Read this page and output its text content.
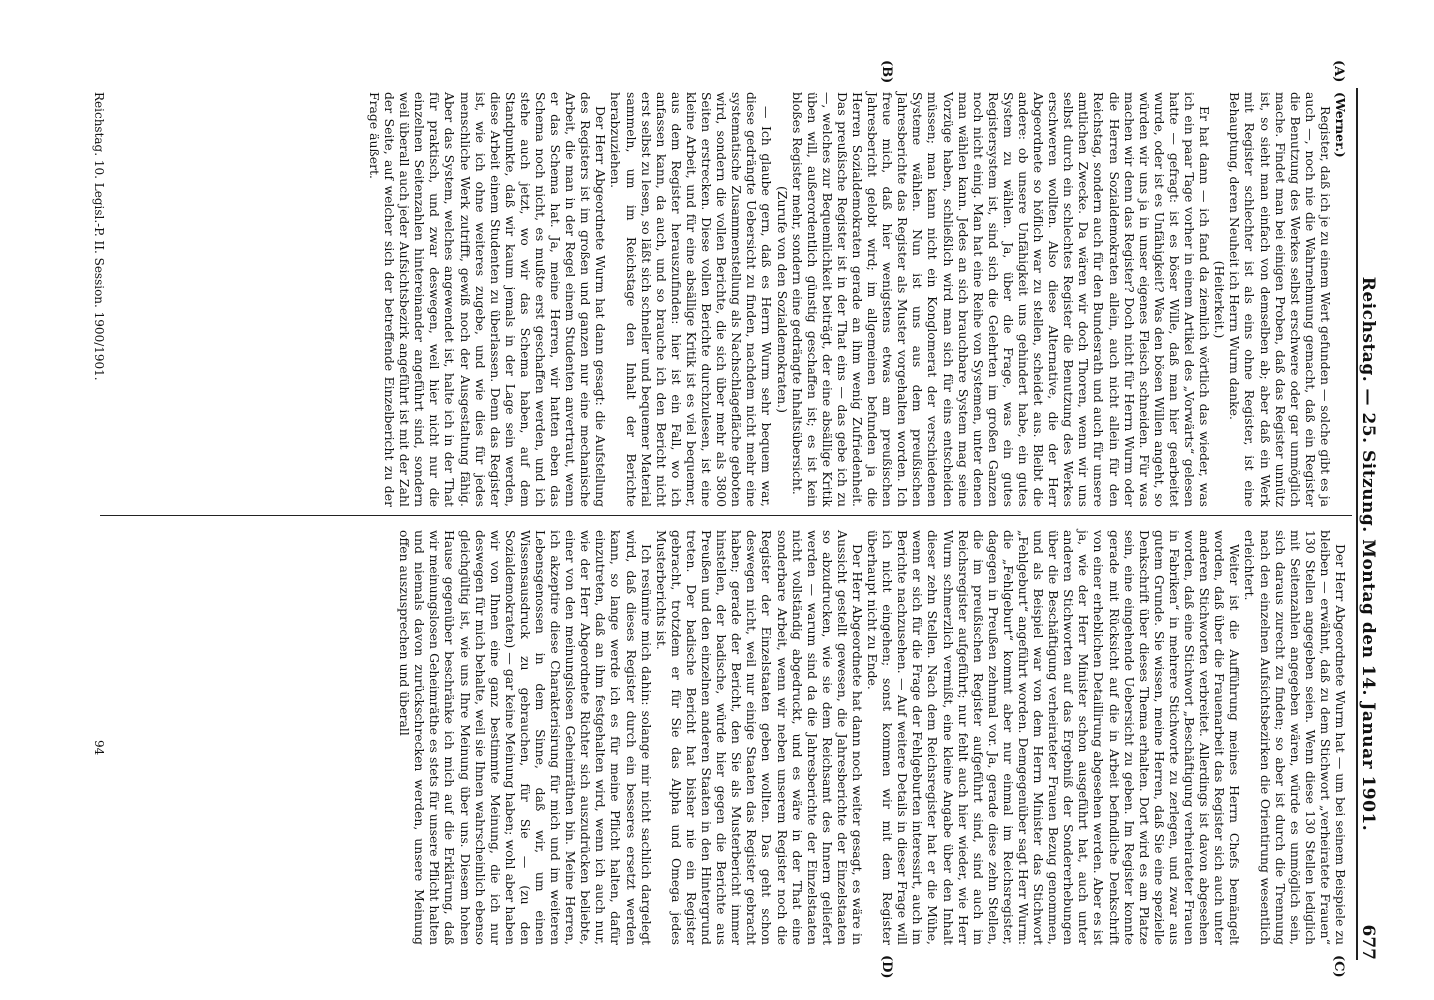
Reichstag. — 25. Sitzung. Montag den 14. Januar 1901.
677
(A)
(B)
(C)
(D)

(Werner.)

Register, daß ich je zu einem Wert gefunden — solche gibt es ja auch —, noch nie die Wahrnehmung gemacht, daß ein Register die Benutzung des Werkes selbst erschwere oder gar unmöglich mache. Findet man bei einigen Proben, daß das Register unnütz ist, so sieht man einfach von demselben ab; aber daß ein Werk mit Register schlechter ist als eins ohne Register, ist eine Behauptung, deren Neuheit ich Herrn Wurm danke.

(Heiterkeit.)

Er hat dann — ich fand da ziemlich wörtlich das wieder, was ich ein paar Tage vorher in einem Artikel des „Vorwärts“ gelesen hatte — gefragt: ist es böser Wille, daß man hier gearbeitet wurde, oder ist es Unfähigkeit? Was den bösen Willen angeht, so würden wir uns ja in unser eigenes Fleisch schneiden. Für was machen wir denn das Register? Doch nicht für Herrn Wurm oder die Herren Sozialdemokraten allein, auch nicht allein für den Reichstag, sondern auch für den Bundesrath und auch für unsere amtlichen Zwecke. Da wären wir doch Thoren, wenn wir uns selbst durch ein schlechtes Register die Benutzung des Werkes erschweren wollten. Also diese Alternative, die der Herr Abgeordnete so höflich war zu stellen, scheidet aus. Bleibt die andere: ob unsere Unfähigkeit uns gehindert habe, ein gutes System zu wählen. Ja, über die Frage, was ein gutes Registersystem ist, sind sich die Gelehrten im großen Ganzen noch nicht einig. Man hat eine Reihe von Systemen, unter denen man wählen kann. Jedes an sich brauchbare System mag seine Vorzüge haben, schließlich wird man sich für eins entscheiden müssen; man kann nicht ein Konglomerat der verschiedenen Systeme wählen. Nun ist uns aus dem preußischen Jahresberichte das Register als Muster vorgehalten worden. Ich freue mich, daß hier wenigstens etwas am preußischen Jahresbericht gelobt wird; im allgemeinen befunden ja die Herren Sozialdemokraten gerade an ihm wenig Zufriedenheit. Das preußische Register ist in der That eins — das gebe ich zu —, welches zur Bequemlichkeit beiträgt, der eine absällige Kritik üben will, außerordentlich günstig geschaffen ist; es ist kein bloßes Register mehr, sondern eine gedrängte Inhaltsübersicht.

(Zurufe von den Sozialdemokraten.)

— Ich glaube gern, daß es Herrn Wurm sehr bequem war, diese gedrängte Uebersicht zu finden, nachdem nicht mehr eine systematische Zusammenstellung als Nachschlagefläche geboten wird, sondern die vollen Berichte, die sich über mehr als 3800 Seiten erstrecken. Diese vollen Berichte durchzulesen, ist eine kleine Arbeit, und für eine absällige Kritik ist es viel bequemer, aus dem Register herauszufinden: hier ist ein Fall, wo ich anfassen kann, da auch, und so brauche ich den Bericht nicht erst selbst zu lesen, so läßt sich schneller und bequemer Material sammeln, um im Reichstage den Inhalt der Berichte herabzuziehen.

Der Herr Abgeordnete Wurm hat dann gesagt: die Aufstellung des Registers ist im großen und ganzen nur eine mechanische Arbeit, die man in der Regel einem Studenten anvertraut, wenn er das Schema hat. Ja, meine Herren, wir hatten eben das Schema noch nicht, es mußte erst geschaffen werden, und ich stehe auch jetzt, wo wir das Schema haben, auf dem Standpunkte, daß wir kaum jemals in der Lage sein werden, diese Arbeit einem Studenten zu überlassen. Denn das Register ist, wie ich ohne weiteres zugebe, und wie dies für jedes menschliche Werk zutrifft, gewiß noch der Ausgestaltung fähig. Aber das System, welches angewendet ist, halte ich in der That für praktisch, und zwar deswegen, weil hier nicht nur die einzelnen Seitenzahlen hintereinander angeführt sind, sondern weil überall auch jeder Aufsichtsbezirk angeführt ist mit der Zahl der Seite, auf welcher sich der betreffende Einzelbericht zu der Frage äußert.

Der Herr Abgeordnete Wurm hat — um bei seinem Beispiele zu bleiben — erwähnt, daß zu dem Stichwort „verheiratete Frauen“ 130 Stellen angegeben seien. Wenn diese 130 Stellen lediglich mit Seitenzahlen angegeben wären, würde es unmöglich sein, sich daraus zurecht zu finden; so aber ist durch die Trennung nach den einzelnen Aufsichtsbezirken die Orientirung wesentlich erleichtert.

Weiter ist die Aufführung meines Herrn Chefs bemängelt worden, daß über die Frauenarbeit das Register sich auch unter anderen Stichworten verbreitet. Allerdings ist davon abgesehen worden, daß eine Stichwort „Beschäftigung verheirateter Frauen in Fabriken“ in mehrere Stichworte zu zerlegen, und zwar aus gutem Grunde. Sie wissen, meine Herren, daß Sie eine spezielle Denkschrift über dieses Thema erhalten. Dort wird es am Platze sein, eine eingehende Uebersicht zu geben. Im Register konnte gerade mit Rücksicht auf die in Arbeit befindliche Denkschrift von einer erheblichen Detaillirung abgesehen werden. Aber es ist ja, wie der Herr Minister schon ausgeführt hat, auch unter anderen Stichworten auf das Ergebniß der Sondererhebungen über die Beschäftigung verheirateter Frauen Bezug genommen, und als Beispiel war von dem Herrn Minister das Stichwort „Fehlgeburt“ angeführt worden. Demgegenüber sagt Herr Wurm: die „Fehlgeburt“ kommt aber nur einmal im Reichsregister, dagegen in Preußen zehnmal vor. Ja, gerade diese zehn Stellen, die im preußischen Register aufgeführt sind, sind auch im Reichsregister aufgeführt; nur fehlt auch hier wieder, wie Herr Wurm schmerzlich vermißt, eine kleine Angabe über den Inhalt dieser zehn Stellen. Nach dem Reichsregister hat er die Mühe, wenn er sich für die Frage der Fehlgeburten interessirt, auch im Berichte nachzusehen. — Auf weitere Details in dieser Frage will ich nicht eingehen; sonst kommen wir mit dem Register überhaupt nicht zu Ende.

Der Herr Abgeordnete hat dann noch weiter gesagt, es wäre in Aussicht gestellt gewesen, die Jahresberichte der Einzelstaaten so abzudrucken, wie sie dem Reichsamt des Innern geliefert werden — warum sind da die Jahresberichte der Einzelstaaten nicht vollständig abgedruckt, und es wäre in der That eine sonderbare Arbeit, wenn wir neben unserem Register noch die Register der Einzelstaaten geben wollten. Das geht schon deswegen nicht, weil nur einige Staaten das Register gebracht haben; gerade der Bericht, den Sie als Musterbericht immer hinstellen, der badische, würde hier gegen die Berichte aus Preußen und den einzelnen anderen Staaten in den Hintergrund treten. Der badische Bericht hat bisher nie ein Register gebracht, trotzdem er für Sie das Alpha und Omega jedes Musterberichts ist.

Ich resümire mich dahin: solange mir nicht sachlich dargelegt wird, daß dieses Register durch ein besseres ersetzt werden kann, so lange werde ich es für meine Pflicht halten, dafür einzutreten, daß an ihm festgehalten wird, wenn ich auch nur, wie der Herr Abgeordnete Richter sich auszudrücken beliebte, einer von den meinungslosen Geheimräthen bin. Meine Herren, ich akzeptire diese Charakterisirung für mich und im weiteren Lebensgenossen in dem Sinne, daß wir, um einen Wissensausdruck zu gebrauchen, für Sie — (zu den Sozialdemokraten) — gar keine Meinung haben; wohl aber haben wir von Ihnen eine ganz bestimmte Meinung, die ich nur deswegen für mich behalte, weil sie Ihnen wahrscheinlich ebenso gleichgültig ist, wie uns Ihre Meinung über uns. Diesem hohen Hause gegenüber beschränke ich mich auf die Erklärung, daß wir meinungslosen Geheimräthe es stets für unsere Pflicht halten und niemals davon zurückschrecken werden, unsere Meinung offen auszusprechen und überall

Reichstag. 10. Legisl.-P. II. Session. 1900/1901.
94
